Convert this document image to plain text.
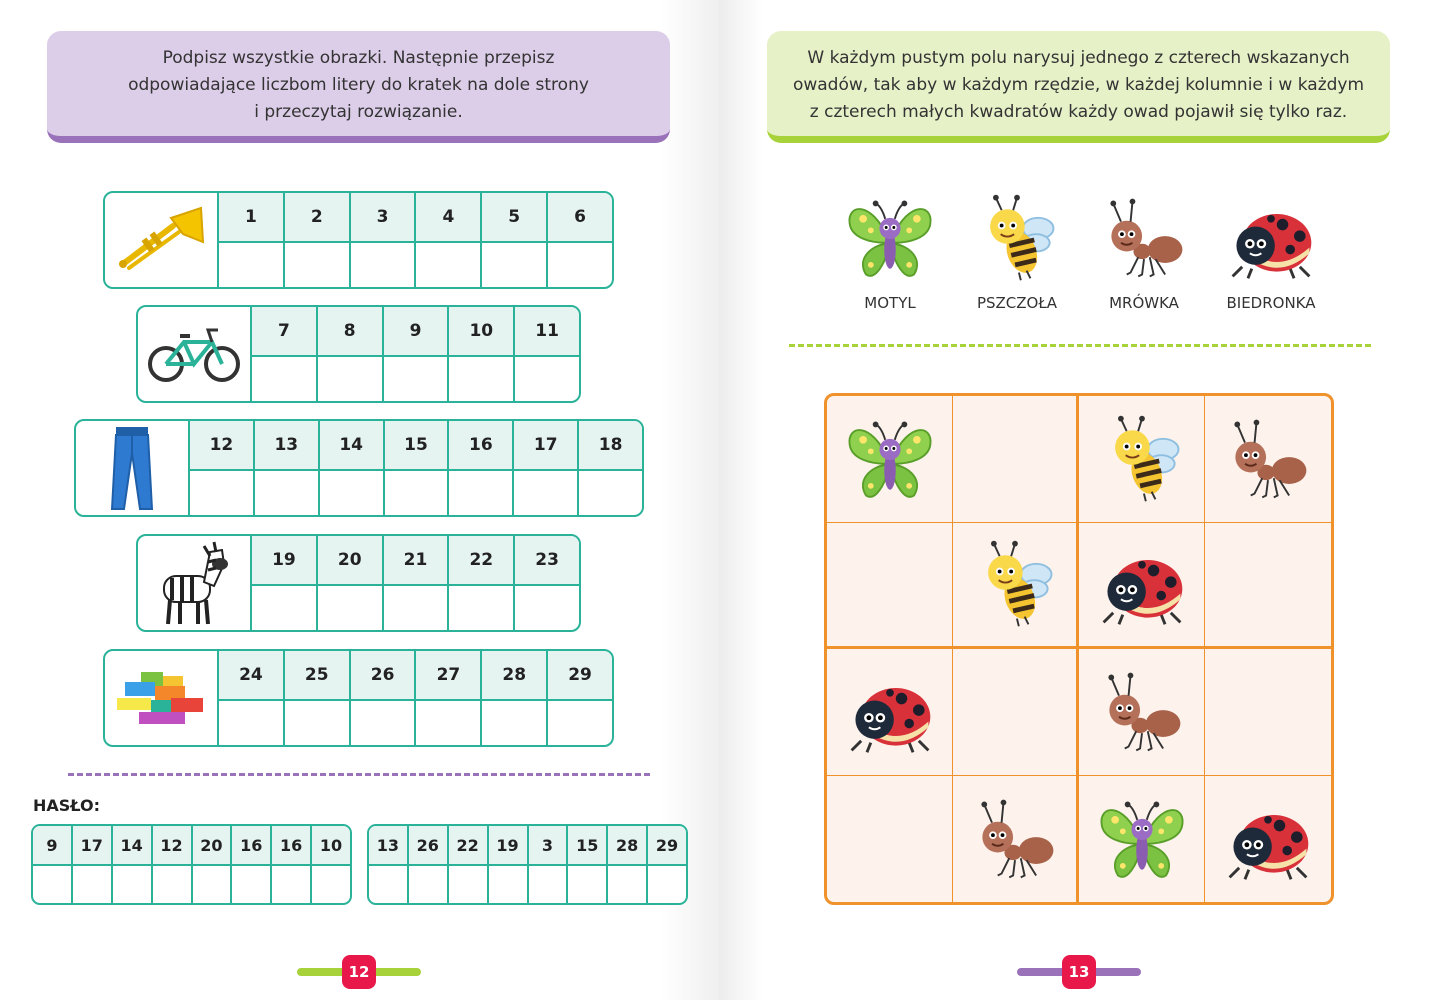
Podpisz wszystkie obrazki. Następnie przepisz
odpowiadające liczbom litery do kratek na dole strony
i przeczytaj rozwiązanie.
1	2	3	4	5	6
7	8	9	10	11
12	13	14	15	16	17	18
19	20	21	22	23
24	25	26	27	28	29
HASŁO:
9	17	14	12	20	16	16	10	13	26	22	19	3	15	28	29
12
W każdym pustym polu narysuj jednego z czterech wskazanych
owadów, tak aby w każdym rzędzie, w każdej kolumnie i w każdym
z czterech małych kwadratów każdy owad pojawił się tylko raz.
MOTYL	PSZCZOŁA	MRÓWKA	BIEDRONKA
13
